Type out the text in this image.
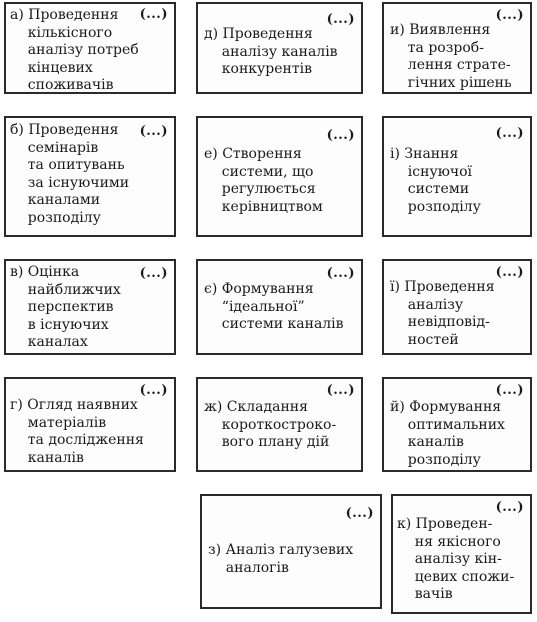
а) Проведення
кількісного
аналізу потреб
кінцевих
споживачів
(...)	(...)
д) Проведення
аналізу каналів
конкурентів
(...)
и) Виявлення
та розроб-
лення страте-
гічних рішень
б) Проведення
семінарів
та опитувань
за існуючими
каналами
розподілу
(...)	(...)
е) Створення
системи, що
регулюється
керівництвом
(...)
і) Знання
існуючої
системи
розподілу
в) Оцінка
найближчих
перспектив
в існуючих
каналах
(...)	(...)
є) Формування
“ідеальної”
системи каналів
(...)
ї) Проведення
аналізу
невідповід-
ностей
(...)
г) Огляд наявних
матеріалів
та дослідження
каналів
(...)
ж) Складання
короткостроко-
вого плану дій
(...)
й) Формування
оптимальних
каналів
розподілу
(...)
з) Аналіз галузевих
аналогів
(...)
к) Проведен-
ня якісного
аналізу кін-
цевих спожи-
вачів
